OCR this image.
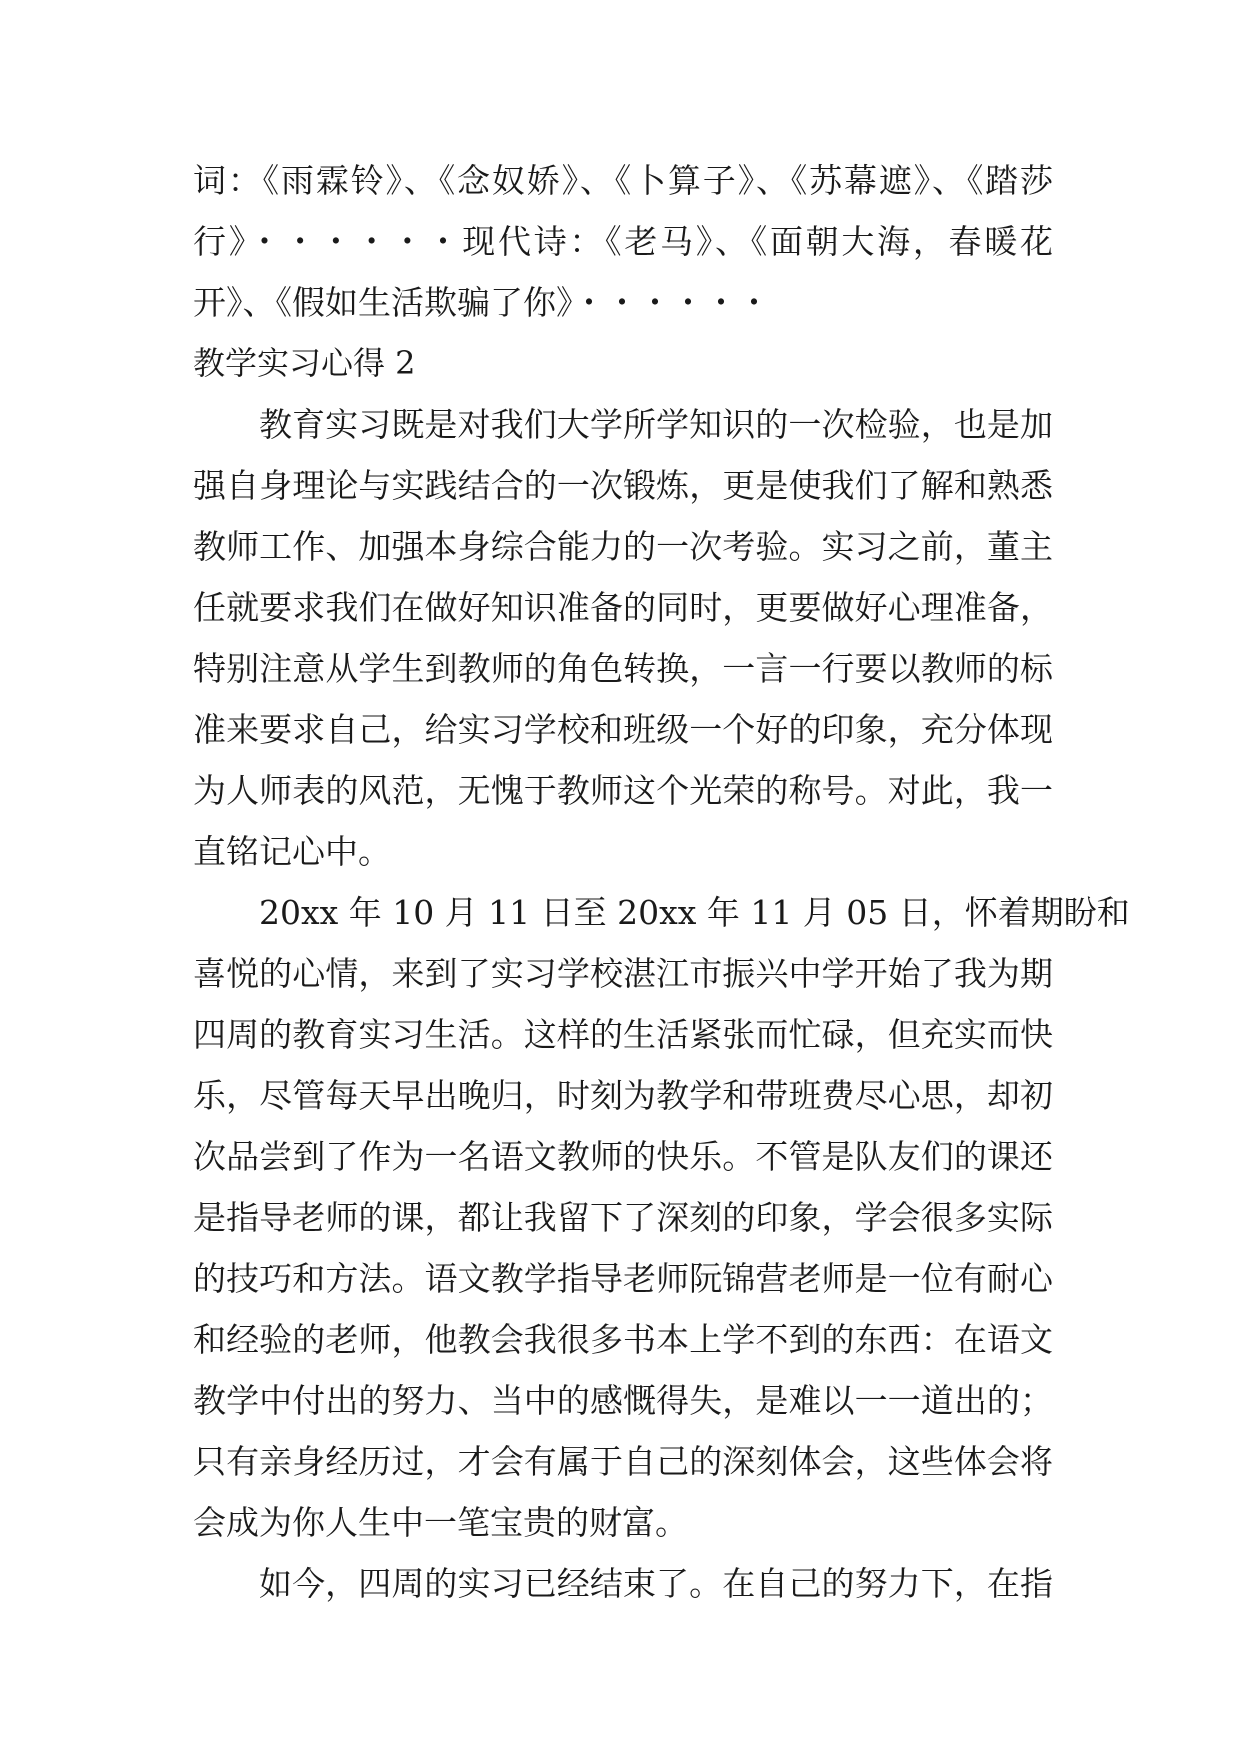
词：《雨霖铃》、《念奴娇》、《卜算子》、《苏幕遮》、《踏莎
行》・・・・・・现代诗：《老马》、《面朝大海，春暖花
开》、《假如生活欺骗了你》・・・・・・
教学实习心得 2
教育实习既是对我们大学所学知识的一次检验，也是加
强自身理论与实践结合的一次锻炼，更是使我们了解和熟悉
教师工作、加强本身综合能力的一次考验。实习之前，董主
任就要求我们在做好知识准备的同时，更要做好心理准备，
特别注意从学生到教师的角色转换，一言一行要以教师的标
准来要求自己，给实习学校和班级一个好的印象，充分体现
为人师表的风范，无愧于教师这个光荣的称号。对此，我一
直铭记心中。
20xx 年 10 月 11 日至 20xx 年 11 月 05 日，怀着期盼和
喜悦的心情，来到了实习学校湛江市振兴中学开始了我为期
四周的教育实习生活。这样的生活紧张而忙碌，但充实而快
乐，尽管每天早出晚归，时刻为教学和带班费尽心思，却初
次品尝到了作为一名语文教师的快乐。不管是队友们的课还
是指导老师的课，都让我留下了深刻的印象，学会很多实际
的技巧和方法。语文教学指导老师阮锦营老师是一位有耐心
和经验的老师，他教会我很多书本上学不到的东西：在语文
教学中付出的努力、当中的感慨得失，是难以一一道出的；
只有亲身经历过，才会有属于自己的深刻体会，这些体会将
会成为你人生中一笔宝贵的财富。
如今，四周的实习已经结束了。在自己的努力下，在指
